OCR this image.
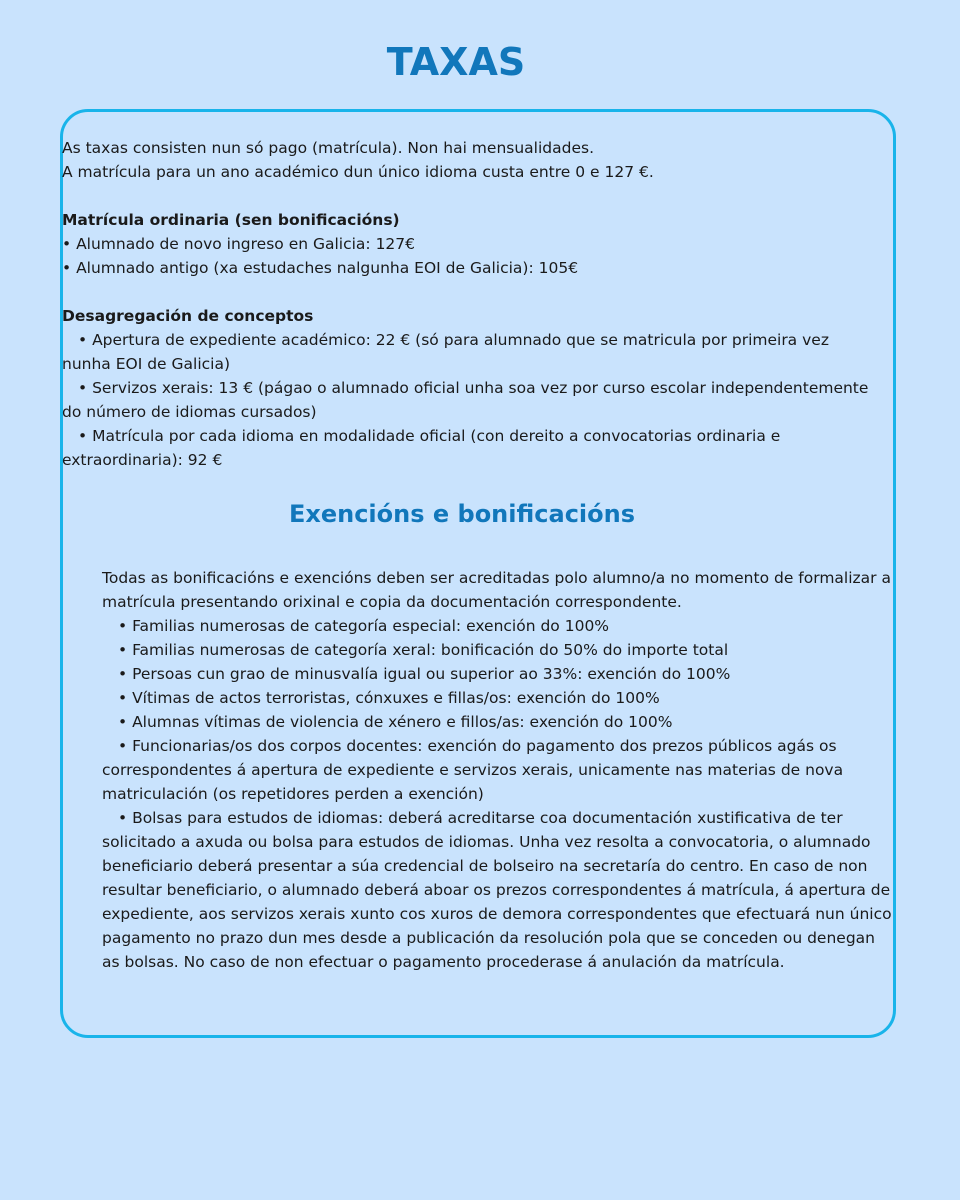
TAXAS
As taxas consisten nun só pago (matrícula). Non hai mensualidades.
A matrícula para un ano académico dun único idioma custa entre 0 e 127 €.
Matrícula ordinaria (sen bonificacións)
• Alumnado de novo ingreso en Galicia: 127€
• Alumnado antigo (xa estudaches nalgunha EOI de Galicia): 105€
Desagregación de conceptos
• Apertura de expediente académico: 22 € (só para alumnado que se matricula por primeira vez nunha EOI de Galicia)
• Servizos xerais: 13 € (págao o alumnado oficial unha soa vez por curso escolar independentemente do número de idiomas cursados)
• Matrícula por cada idioma en modalidade oficial (con dereito a convocatorias ordinaria e extraordinaria): 92 €
Exencións e bonificacións
Todas as bonificacións e exencións deben ser acreditadas polo alumno/a no momento de formalizar a matrícula presentando orixinal e copia da documentación correspondente.
• Familias numerosas de categoría especial: exención do 100%
• Familias numerosas de categoría xeral: bonificación do 50% do importe total
• Persoas cun grao de minusvalía igual ou superior ao 33%: exención do 100%
• Vítimas de actos terroristas, cónxuxes e fillas/os: exención do 100%
• Alumnas vítimas de violencia de xénero e fillos/as: exención do 100%
• Funcionarias/os dos corpos docentes: exención do pagamento dos prezos públicos agás os correspondentes á apertura de expediente e servizos xerais, unicamente nas materias de nova matriculación (os repetidores perden a exención)
• Bolsas para estudos de idiomas: deberá acreditarse coa documentación xustificativa de ter solicitado a axuda ou bolsa para estudos de idiomas. Unha vez resolta a convocatoria, o alumnado beneficiario deberá presentar a súa credencial de bolseiro na secretaría do centro. En caso de non resultar beneficiario, o alumnado deberá aboar os prezos correspondentes á matrícula, á apertura de expediente, aos servizos xerais xunto cos xuros de demora correspondentes que efectuará nun único pagamento no prazo dun mes desde a publicación da resolución pola que se conceden ou denegan as bolsas. No caso de non efectuar o pagamento procederase á anulación da matrícula.
